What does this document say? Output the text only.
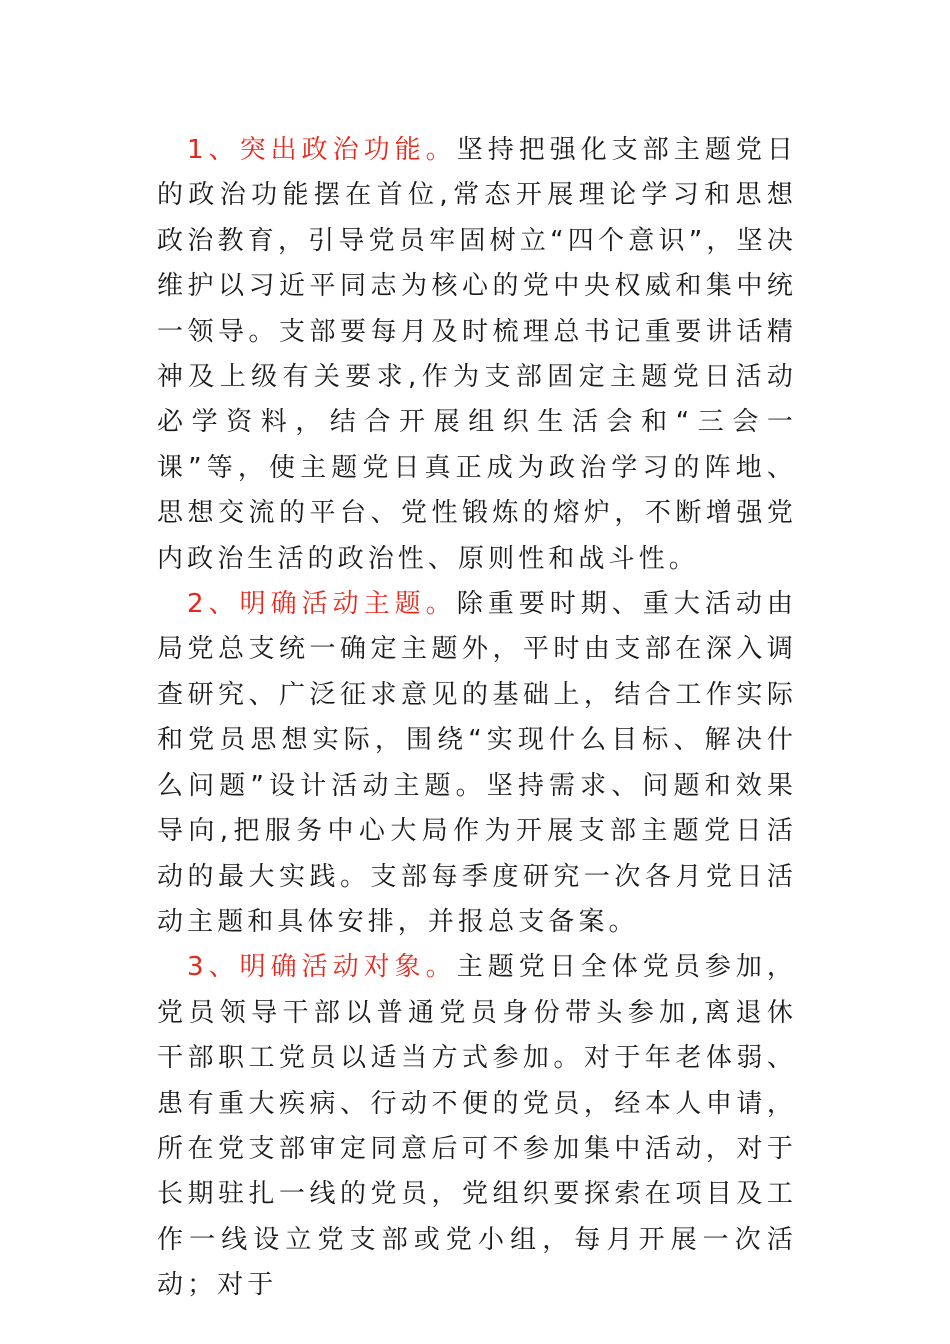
1、突出政治功能。坚持把强化支部主题党日的政治功能摆在首位,常态开展理论学习和思想政治教育，引导党员牢固树立“四个意识”，坚决维护以习近平同志为核心的党中央权威和集中统一领导。支部要每月及时梳理总书记重要讲话精神及上级有关要求,作为支部固定主题党日活动必学资料，结合开展组织生活会和“三会一课”等，使主题党日真正成为政治学习的阵地、思想交流的平台、党性锻炼的熔炉，不断增强党内政治生活的政治性、原则性和战斗性。

2、明确活动主题。除重要时期、重大活动由局党总支统一确定主题外，平时由支部在深入调查研究、广泛征求意见的基础上，结合工作实际和党员思想实际，围绕“实现什么目标、解决什么问题”设计活动主题。坚持需求、问题和效果导向,把服务中心大局作为开展支部主题党日活动的最大实践。支部每季度研究一次各月党日活动主题和具体安排，并报总支备案。

3、明确活动对象。主题党日全体党员参加，党员领导干部以普通党员身份带头参加,离退休干部职工党员以适当方式参加。对于年老体弱、患有重大疾病、行动不便的党员，经本人申请，所在党支部审定同意后可不参加集中活动，对于长期驻扎一线的党员，党组织要探索在项目及工作一线设立党支部或党小组，每月开展一次活动；对于
